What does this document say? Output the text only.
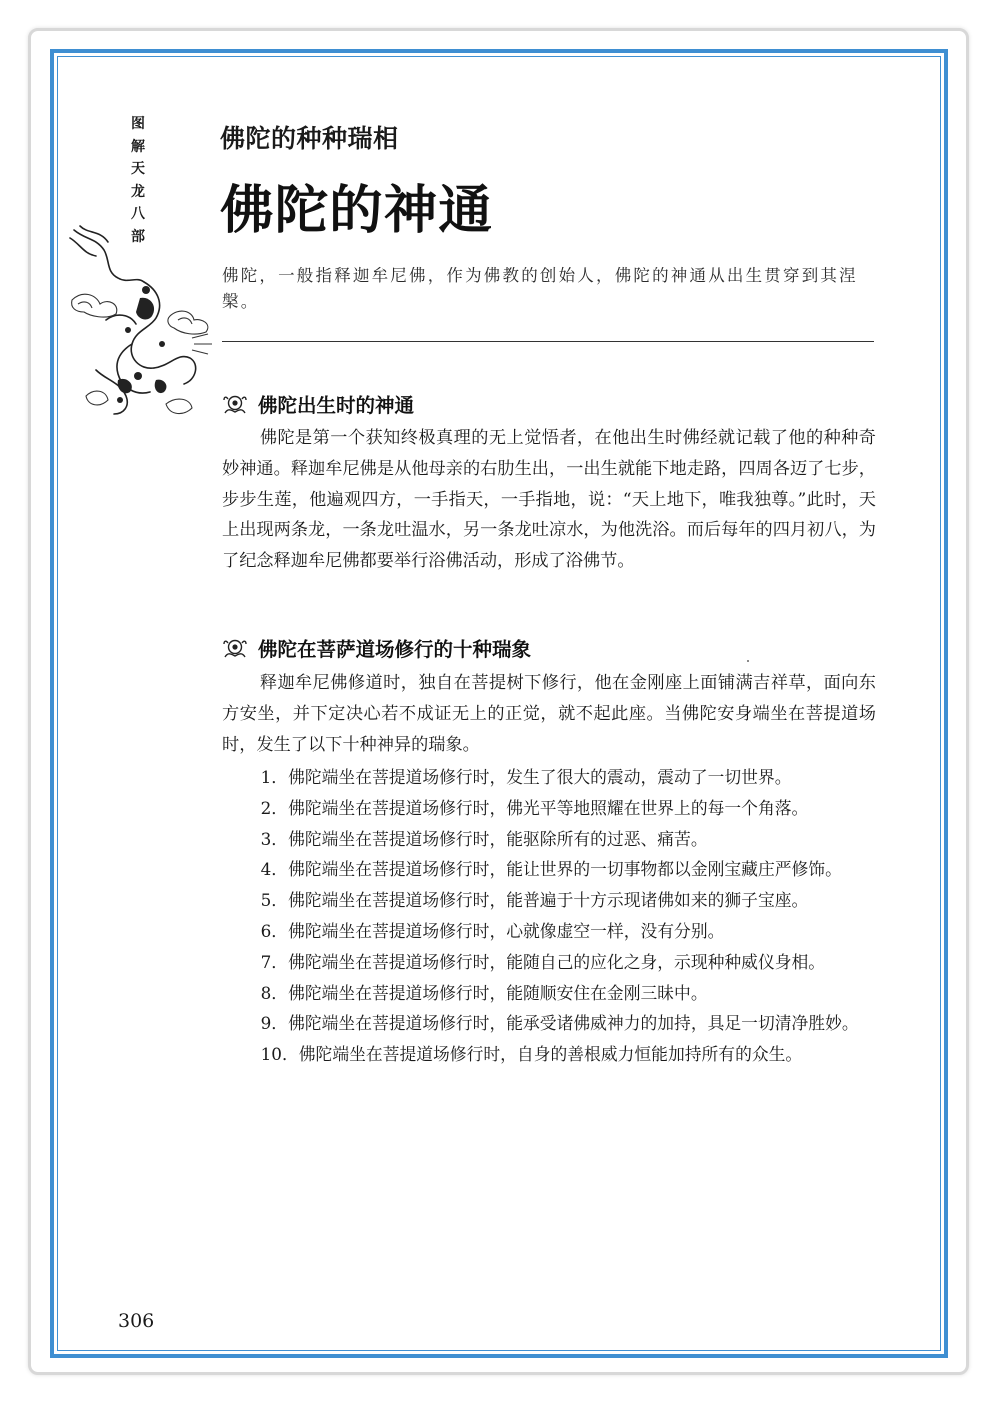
图解天龙八部
佛陀的种种瑞相
佛陀的神通
佛陀，一般指释迦牟尼佛，作为佛教的创始人，佛陀的神通从出生贯穿到其涅槃。
佛陀出生时的神通

佛陀是第一个获知终极真理的无上觉悟者，在他出生时佛经就记载了他的种种奇妙神通。释迦牟尼佛是从他母亲的右肋生出，一出生就能下地走路，四周各迈了七步，步步生莲，他遍观四方，一手指天，一手指地，说：“天上地下，唯我独尊。”此时，天上出现两条龙，一条龙吐温水，另一条龙吐凉水，为他洗浴。而后每年的四月初八，为了纪念释迦牟尼佛都要举行浴佛活动，形成了浴佛节。

佛陀在菩萨道场修行的十种瑞象

释迦牟尼佛修道时，独自在菩提树下修行，他在金刚座上面铺满吉祥草，面向东方安坐，并下定决心若不成证无上的正觉，就不起此座。当佛陀安身端坐在菩提道场时，发生了以下十种神异的瑞象。

1．佛陀端坐在菩提道场修行时，发生了很大的震动，震动了一切世界。
2．佛陀端坐在菩提道场修行时，佛光平等地照耀在世界上的每一个角落。
3．佛陀端坐在菩提道场修行时，能驱除所有的过恶、痛苦。
4．佛陀端坐在菩提道场修行时，能让世界的一切事物都以金刚宝藏庄严修饰。
5．佛陀端坐在菩提道场修行时，能普遍于十方示现诸佛如来的狮子宝座。
6．佛陀端坐在菩提道场修行时，心就像虚空一样，没有分别。
7．佛陀端坐在菩提道场修行时，能随自己的应化之身，示现种种威仪身相。
8．佛陀端坐在菩提道场修行时，能随顺安住在金刚三昧中。
9．佛陀端坐在菩提道场修行时，能承受诸佛威神力的加持，具足一切清净胜妙。
10．佛陀端坐在菩提道场修行时，自身的善根威力恒能加持所有的众生。
306
